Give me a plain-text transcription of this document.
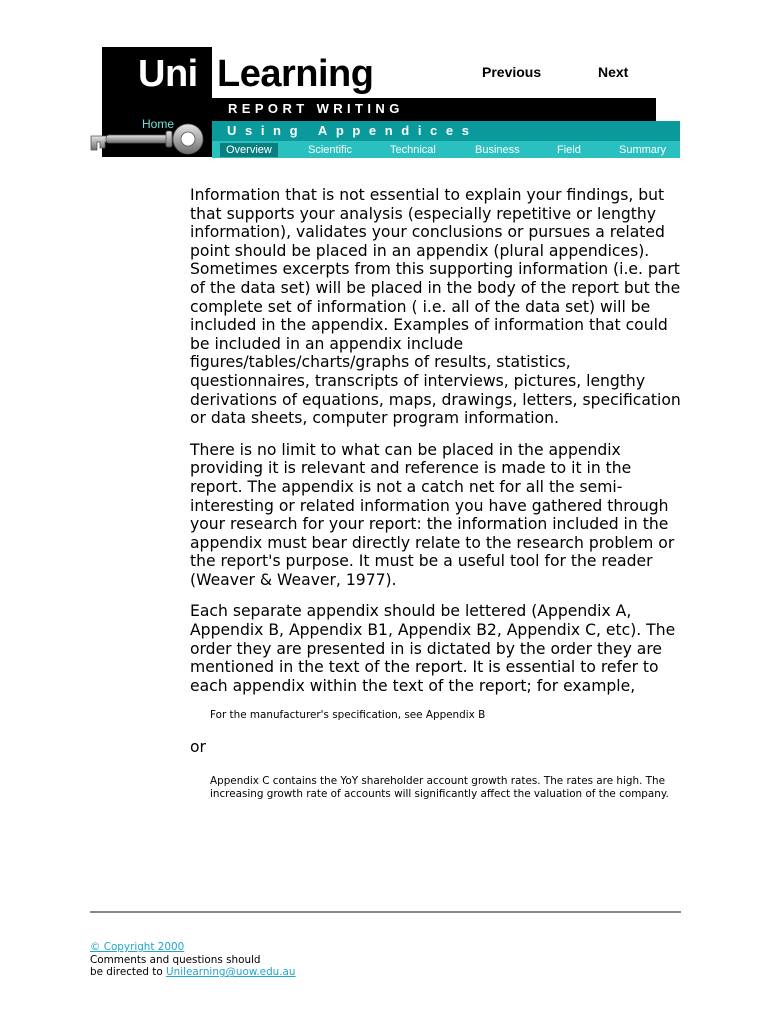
Uni Learning	Previous	Next
REPORT WRITING
Using Appendices
Home
Overview	Scientific	Technical	Business	Field	Summary

Information that is not essential to explain your findings, but that supports your analysis (especially repetitive or lengthy information), validates your conclusions or pursues a related point should be placed in an appendix (plural appendices). Sometimes excerpts from this supporting information (i.e. part of the data set) will be placed in the body of the report but the complete set of information ( i.e. all of the data set) will be included in the appendix. Examples of information that could be included in an appendix include figures/tables/charts/graphs of results, statistics, questionnaires, transcripts of interviews, pictures, lengthy derivations of equations, maps, drawings, letters, specification or data sheets, computer program information.

There is no limit to what can be placed in the appendix providing it is relevant and reference is made to it in the report. The appendix is not a catch net for all the semi-interesting or related information you have gathered through your research for your report: the information included in the appendix must bear directly relate to the research problem or the report's purpose. It must be a useful tool for the reader (Weaver & Weaver, 1977).

Each separate appendix should be lettered (Appendix A, Appendix B, Appendix B1, Appendix B2, Appendix C, etc). The order they are presented in is dictated by the order they are mentioned in the text of the report. It is essential to refer to each appendix within the text of the report; for example,

For the manufacturer's specification, see Appendix B

or

Appendix C contains the YoY shareholder account growth rates. The rates are high. The increasing growth rate of accounts will significantly affect the valuation of the company.

© Copyright 2000
Comments and questions should
be directed to Unilearning@uow.edu.au
